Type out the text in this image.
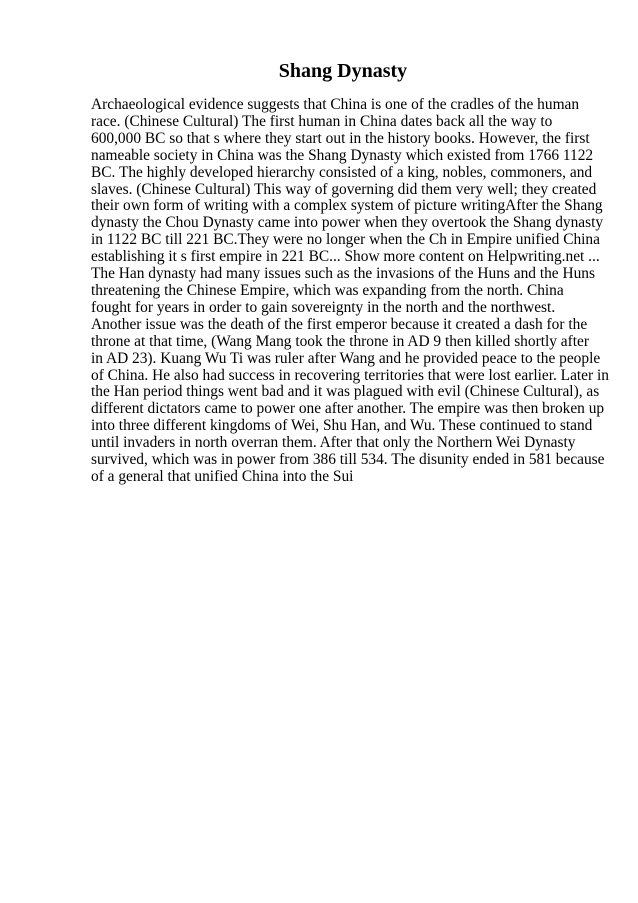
Shang Dynasty
Archaeological evidence suggests that China is one of the cradles of the human
race. (Chinese Cultural) The first human in China dates back all the way to
600,000 BC so that s where they start out in the history books. However, the first
nameable society in China was the Shang Dynasty which existed from 1766 1122
BC. The highly developed hierarchy consisted of a king, nobles, commoners, and
slaves. (Chinese Cultural) This way of governing did them very well; they created
their own form of writing with a complex system of picture writingAfter the Shang
dynasty the Chou Dynasty came into power when they overtook the Shang dynasty
in 1122 BC till 221 BC.They were no longer when the Ch in Empire unified China
establishing it s first empire in 221 BC... Show more content on Helpwriting.net ...
The Han dynasty had many issues such as the invasions of the Huns and the Huns
threatening the Chinese Empire, which was expanding from the north. China
fought for years in order to gain sovereignty in the north and the northwest.
Another issue was the death of the first emperor because it created a dash for the
throne at that time, (Wang Mang took the throne in AD 9 then killed shortly after
in AD 23). Kuang Wu Ti was ruler after Wang and he provided peace to the people
of China. He also had success in recovering territories that were lost earlier. Later in
the Han period things went bad and it was plagued with evil (Chinese Cultural), as
different dictators came to power one after another. The empire was then broken up
into three different kingdoms of Wei, Shu Han, and Wu. These continued to stand
until invaders in north overran them. After that only the Northern Wei Dynasty
survived, which was in power from 386 till 534. The disunity ended in 581 because
of a general that unified China into the Sui
